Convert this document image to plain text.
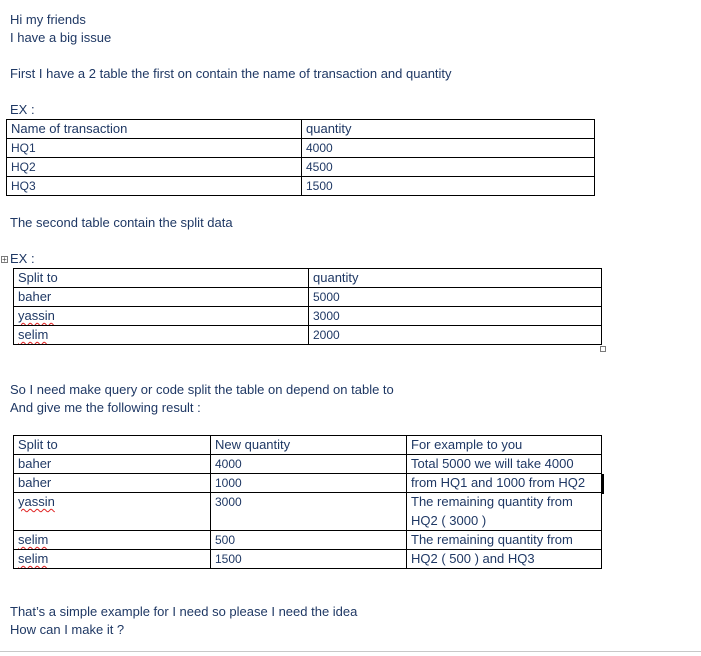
Hi my friends
I have a big issue
First I have a 2 table the first on contain the name of transaction and quantity
EX :
Name of transaction	quantity
HQ1	4000
HQ2	4500
HQ3	1500
The second table contain the split data
+ EX :
Split to	quantity
baher	5000
yassin	3000
selim	2000
So I need make query or code split the table on depend on table to
And give me the following result :
Split to	New quantity	For example to you
baher	4000	Total 5000 we will take 4000
baher	1000	from HQ1 and 1000 from HQ2
yassin	3000	The remaining quantity from
		HQ2 ( 3000 )
selim	500	The remaining quantity from
selim	1500	HQ2 ( 500 ) and HQ3
That’s a simple example for I need so please I need the idea
How can I make it ?
